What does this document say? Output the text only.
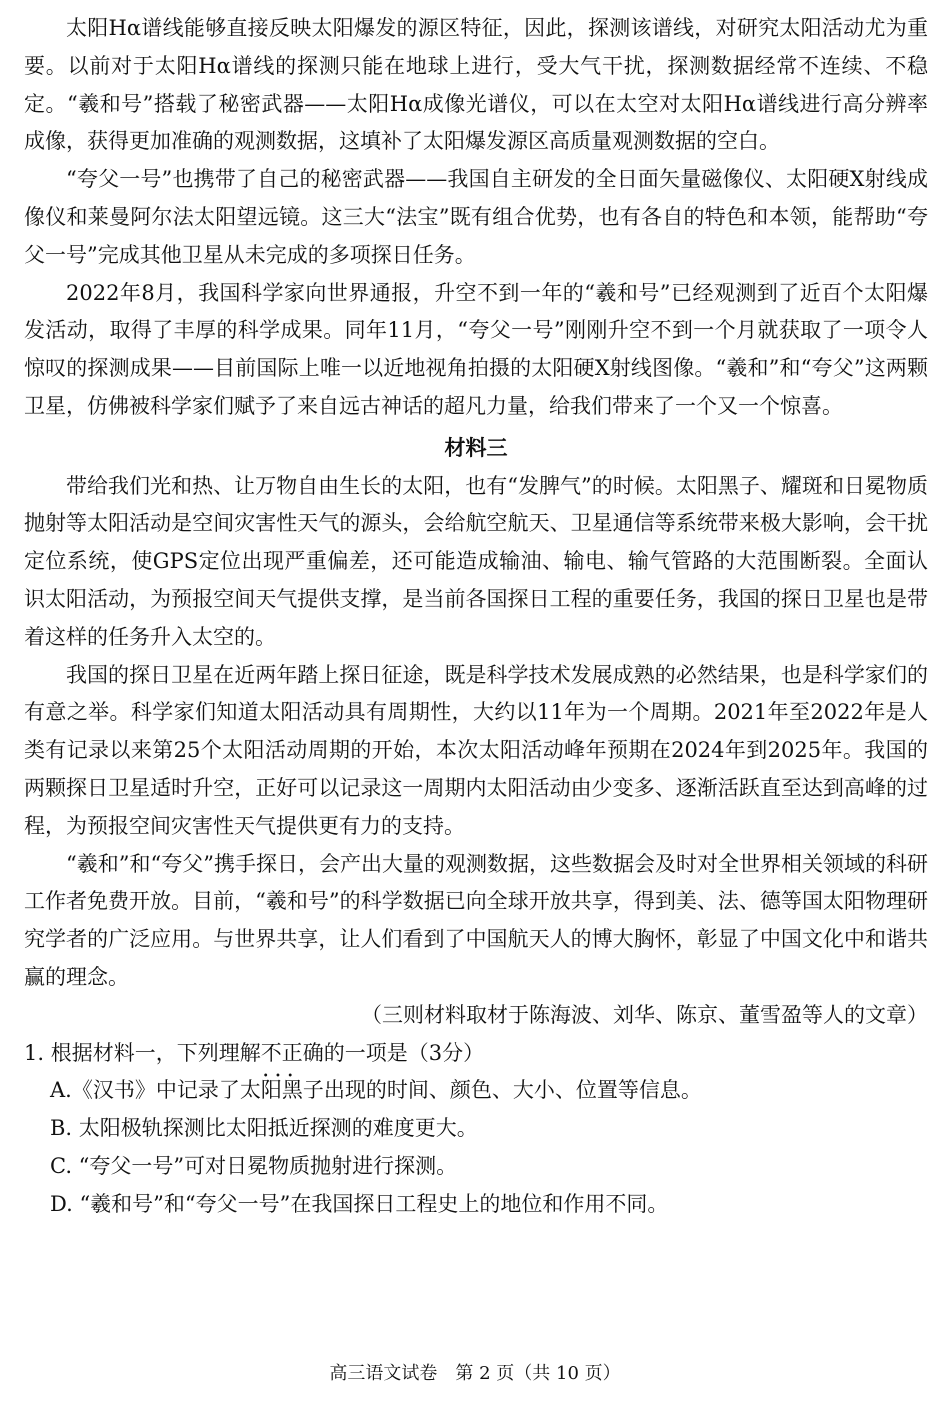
太阳Hα谱线能够直接反映太阳爆发的源区特征，因此，探测该谱线，对研究太阳活动尤为重要。以前对于太阳Hα谱线的探测只能在地球上进行，受大气干扰，探测数据经常不连续、不稳定。“羲和号”搭载了秘密武器——太阳Hα成像光谱仪，可以在太空对太阳Hα谱线进行高分辨率成像，获得更加准确的观测数据，这填补了太阳爆发源区高质量观测数据的空白。

“夸父一号”也携带了自己的秘密武器——我国自主研发的全日面矢量磁像仪、太阳硬X射线成像仪和莱曼阿尔法太阳望远镜。这三大“法宝”既有组合优势，也有各自的特色和本领，能帮助“夸父一号”完成其他卫星从未完成的多项探日任务。

2022年8月，我国科学家向世界通报，升空不到一年的“羲和号”已经观测到了近百个太阳爆发活动，取得了丰厚的科学成果。同年11月，“夸父一号”刚刚升空不到一个月就获取了一项令人惊叹的探测成果——目前国际上唯一以近地视角拍摄的太阳硬X射线图像。“羲和”和“夸父”这两颗卫星，仿佛被科学家们赋予了来自远古神话的超凡力量，给我们带来了一个又一个惊喜。

材料三

带给我们光和热、让万物自由生长的太阳，也有“发脾气”的时候。太阳黑子、耀斑和日冕物质抛射等太阳活动是空间灾害性天气的源头，会给航空航天、卫星通信等系统带来极大影响，会干扰定位系统，使GPS定位出现严重偏差，还可能造成输油、输电、输气管路的大范围断裂。全面认识太阳活动，为预报空间天气提供支撑，是当前各国探日工程的重要任务，我国的探日卫星也是带着这样的任务升入太空的。

我国的探日卫星在近两年踏上探日征途，既是科学技术发展成熟的必然结果，也是科学家们的有意之举。科学家们知道太阳活动具有周期性，大约以11年为一个周期。2021年至2022年是人类有记录以来第25个太阳活动周期的开始，本次太阳活动峰年预期在2024年到2025年。我国的两颗探日卫星适时升空，正好可以记录这一周期内太阳活动由少变多、逐渐活跃直至达到高峰的过程，为预报空间灾害性天气提供更有力的支持。

“羲和”和“夸父”携手探日，会产出大量的观测数据，这些数据会及时对全世界相关领域的科研工作者免费开放。目前，“羲和号”的科学数据已向全球开放共享，得到美、法、德等国太阳物理研究学者的广泛应用。与世界共享，让人们看到了中国航天人的博大胸怀，彰显了中国文化中和谐共赢的理念。

（三则材料取材于陈海波、刘华、陈京、董雪盈等人的文章）
1. 根据材料一，下列理解不正确 • • •的一项是（3分）
A.《汉书》中记录了太阳黑子出现的时间、颜色、大小、位置等信息。
B. 太阳极轨探测比太阳抵近探测的难度更大。
C. “夸父一号”可对日冕物质抛射进行探测。
D. “羲和号”和“夸父一号”在我国探日工程史上的地位和作用不同。
高三语文试卷　第 2 页（共 10 页）
